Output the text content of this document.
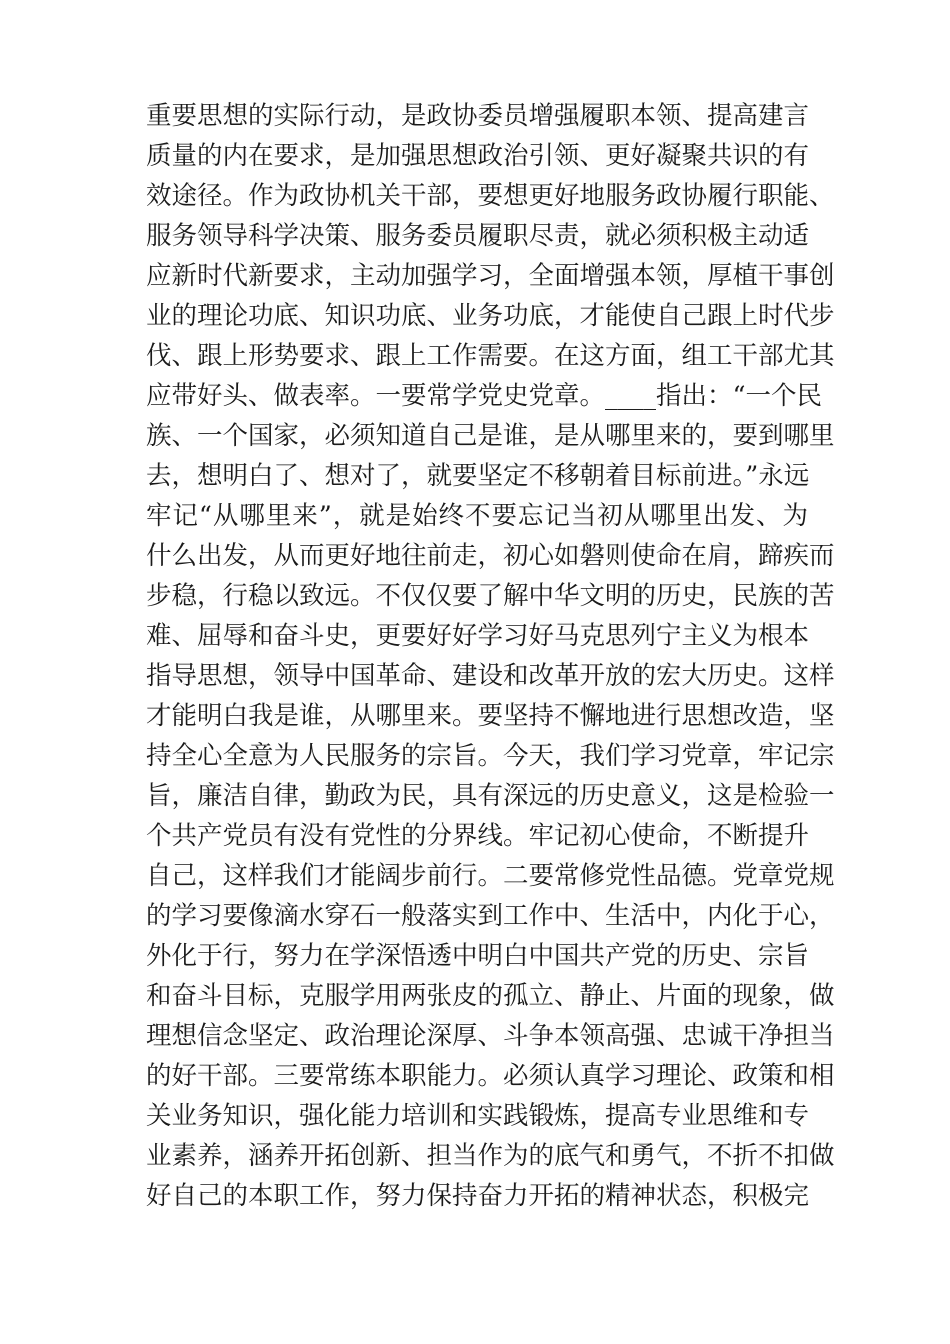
重要思想的实际行动，是政协委员增强履职本领、提高建言
质量的内在要求，是加强思想政治引领、更好凝聚共识的有
效途径。作为政协机关干部，要想更好地服务政协履行职能、
服务领导科学决策、服务委员履职尽责，就必须积极主动适
应新时代新要求，主动加强学习，全面增强本领，厚植干事创
业的理论功底、知识功底、业务功底，才能使自己跟上时代步
伐、跟上形势要求、跟上工作需要。在这方面，组工干部尤其
应带好头、做表率。一要常学党史党章。____指出：“一个民
族、一个国家，必须知道自己是谁，是从哪里来的，要到哪里
去，想明白了、想对了，就要坚定不移朝着目标前进。”永远
牢记“从哪里来”，就是始终不要忘记当初从哪里出发、为
什么出发，从而更好地往前走，初心如磐则使命在肩，蹄疾而
步稳，行稳以致远。不仅仅要了解中华文明的历史，民族的苦
难、屈辱和奋斗史，更要好好学习好马克思列宁主义为根本
指导思想，领导中国革命、建设和改革开放的宏大历史。这样
才能明白我是谁，从哪里来。要坚持不懈地进行思想改造，坚
持全心全意为人民服务的宗旨。今天，我们学习党章，牢记宗
旨，廉洁自律，勤政为民，具有深远的历史意义，这是检验一
个共产党员有没有党性的分界线。牢记初心使命，不断提升
自己，这样我们才能阔步前行。二要常修党性品德。党章党规
的学习要像滴水穿石一般落实到工作中、生活中，内化于心，
外化于行，努力在学深悟透中明白中国共产党的历史、宗旨
和奋斗目标，克服学用两张皮的孤立、静止、片面的现象，做
理想信念坚定、政治理论深厚、斗争本领高强、忠诚干净担当
的好干部。三要常练本职能力。必须认真学习理论、政策和相
关业务知识，强化能力培训和实践锻炼，提高专业思维和专
业素养，涵养开拓创新、担当作为的底气和勇气，不折不扣做
好自己的本职工作，努力保持奋力开拓的精神状态，积极完
